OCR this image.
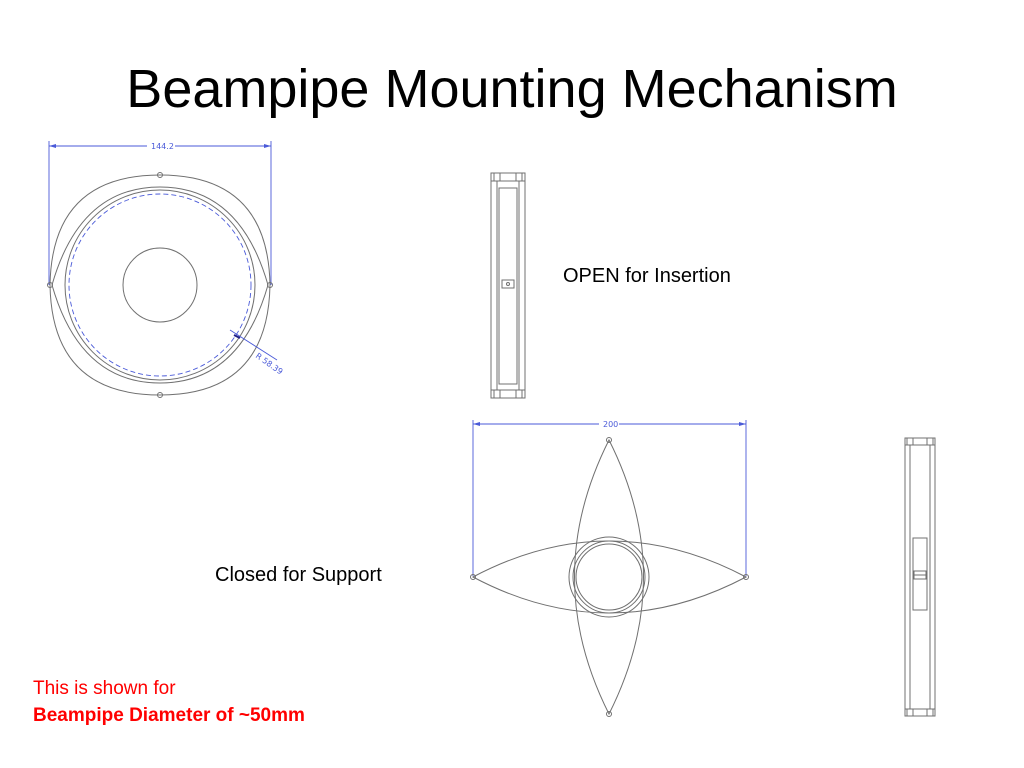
Beampipe Mounting Mechanism
144.2
R 58.39
OPEN for Insertion
200
Closed for Support
This is shown for
Beampipe Diameter of ~50mm
